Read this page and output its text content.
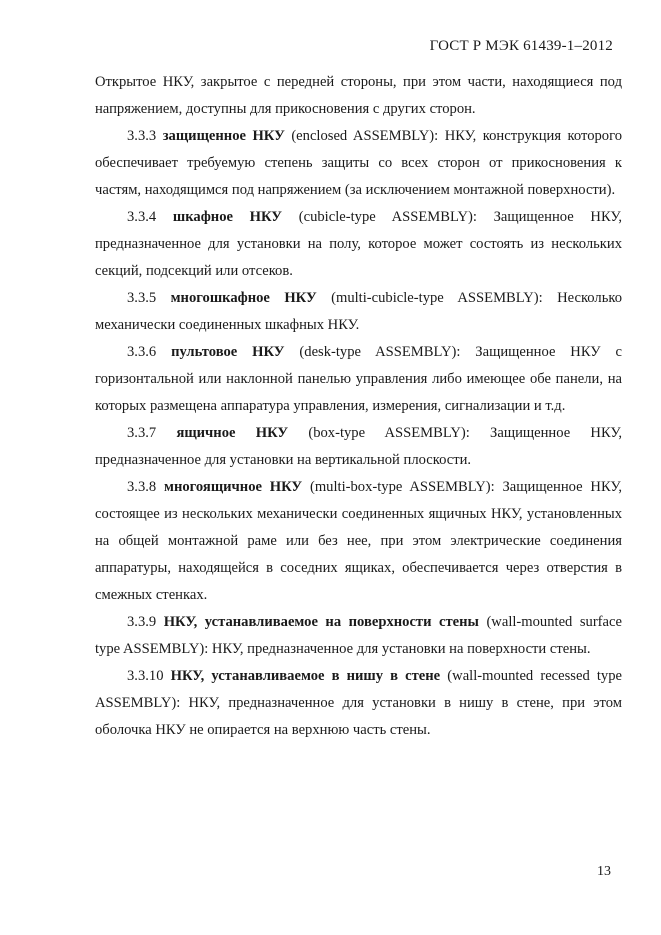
ГОСТ Р МЭК 61439-1–2012

Открытое НКУ, закрытое с передней стороны, при этом части, находящиеся под напряжением, доступны для прикосновения с других сторон.

3.3.3 защищенное НКУ (enclosed ASSEMBLY): НКУ, конструкция которого обеспечивает требуемую степень защиты со всех сторон от прикосновения к частям, находящимся под напряжением (за исключением монтажной поверхности).

3.3.4 шкафное НКУ (cubicle-type ASSEMBLY): Защищенное НКУ, предназначенное для установки на полу, которое может состоять из нескольких секций, подсекций или отсеков.

3.3.5 многошкафное НКУ (multi-cubicle-type ASSEMBLY): Несколько механически соединенных шкафных НКУ.

3.3.6 пультовое НКУ (desk-type ASSEMBLY): Защищенное НКУ с горизонтальной или наклонной панелью управления либо имеющее обе панели, на которых размещена аппаратура управления, измерения, сигнализации и т.д.

3.3.7 ящичное НКУ (box-type ASSEMBLY): Защищенное НКУ, предназначенное для установки на вертикальной плоскости.

3.3.8 многоящичное НКУ (multi-box-type ASSEMBLY): Защищенное НКУ, состоящее из нескольких механически соединенных ящичных НКУ, установленных на общей монтажной раме или без нее, при этом электрические соединения аппаратуры, находящейся в соседних ящиках, обеспечивается через отверстия в смежных стенках.

3.3.9 НКУ, устанавливаемое на поверхности стены (wall-mounted surface type ASSEMBLY): НКУ, предназначенное для установки на поверхности стены.

3.3.10 НКУ, устанавливаемое в нишу в стене (wall-mounted recessed type ASSEMBLY): НКУ, предназначенное для установки в нишу в стене, при этом оболочка НКУ не опирается на верхнюю часть стены.

13
